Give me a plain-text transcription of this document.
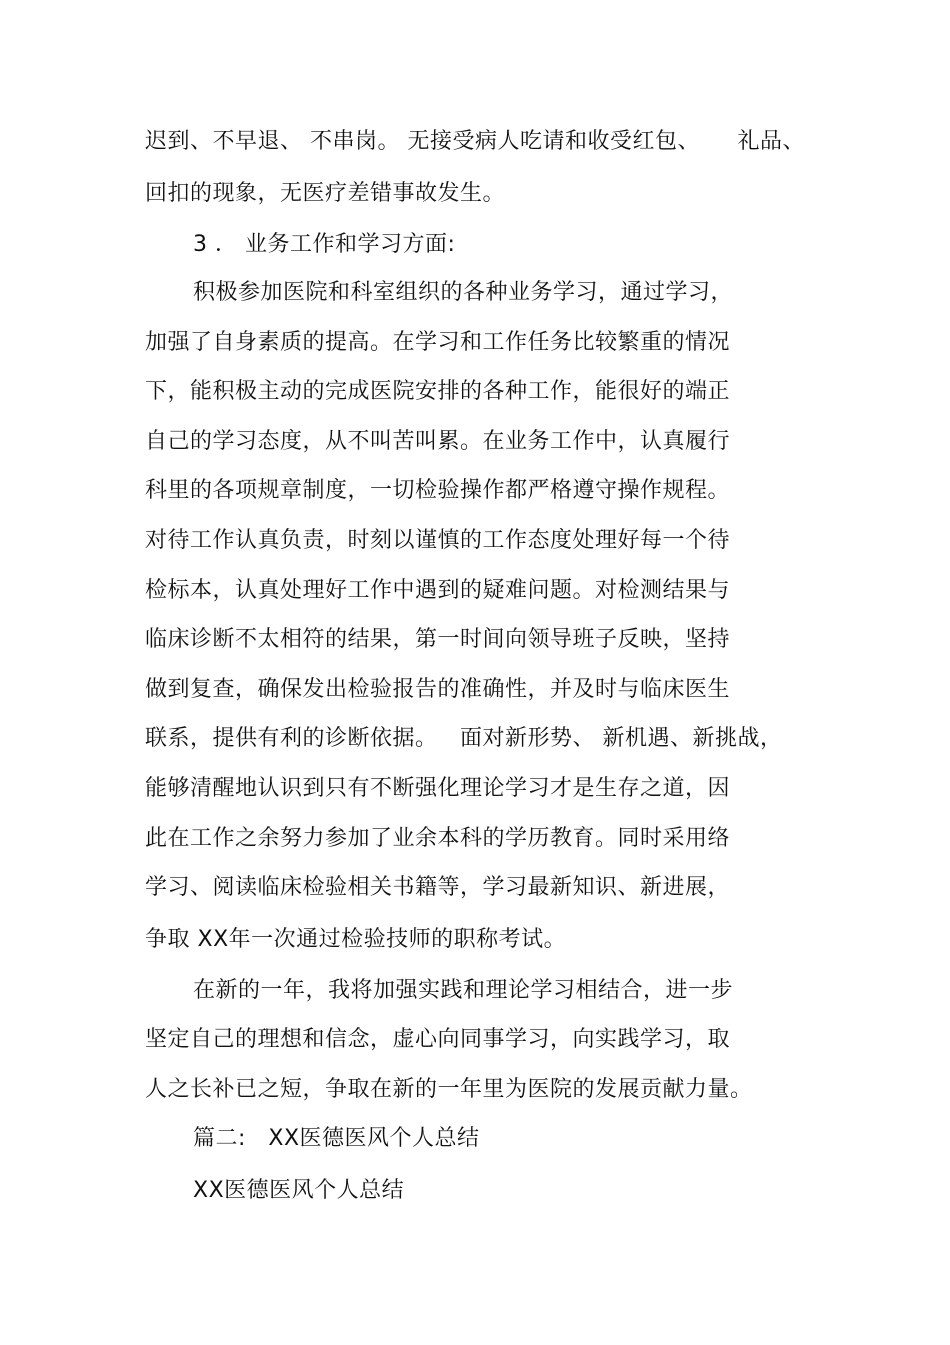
迟到、不早退、 不串岗。 无接受病人吃请和收受红包、     礼品、
回扣的现象，无医疗差错事故发生。
3 ． 业务工作和学习方面:
积极参加医院和科室组织的各种业务学习，通过学习，
加强了自身素质的提高。在学习和工作任务比较繁重的情况
下，能积极主动的完成医院安排的各种工作，能很好的端正
自己的学习态度，从不叫苦叫累。在业务工作中，认真履行
科里的各项规章制度，一切检验操作都严格遵守操作规程。
对待工作认真负责，时刻以谨慎的工作态度处理好每一个待
检标本，认真处理好工作中遇到的疑难问题。对检测结果与
临床诊断不太相符的结果，第一时间向领导班子反映，坚持
做到复查，确保发出检验报告的准确性，并及时与临床医生
联系，提供有利的诊断依据。   面对新形势、 新机遇、新挑战，
能够清醒地认识到只有不断强化理论学习才是生存之道，因
此在工作之余努力参加了业余本科的学历教育。同时采用络
学习、阅读临床检验相关书籍等，学习最新知识、新进展，
争取 XX年一次通过检验技师的职称考试。
在新的一年，我将加强实践和理论学习相结合，进一步
坚定自己的理想和信念，虚心向同事学习，向实践学习，取
人之长补已之短，争取在新的一年里为医院的发展贡献力量。
篇二:   XX医德医风个人总结
XX医德医风个人总结
